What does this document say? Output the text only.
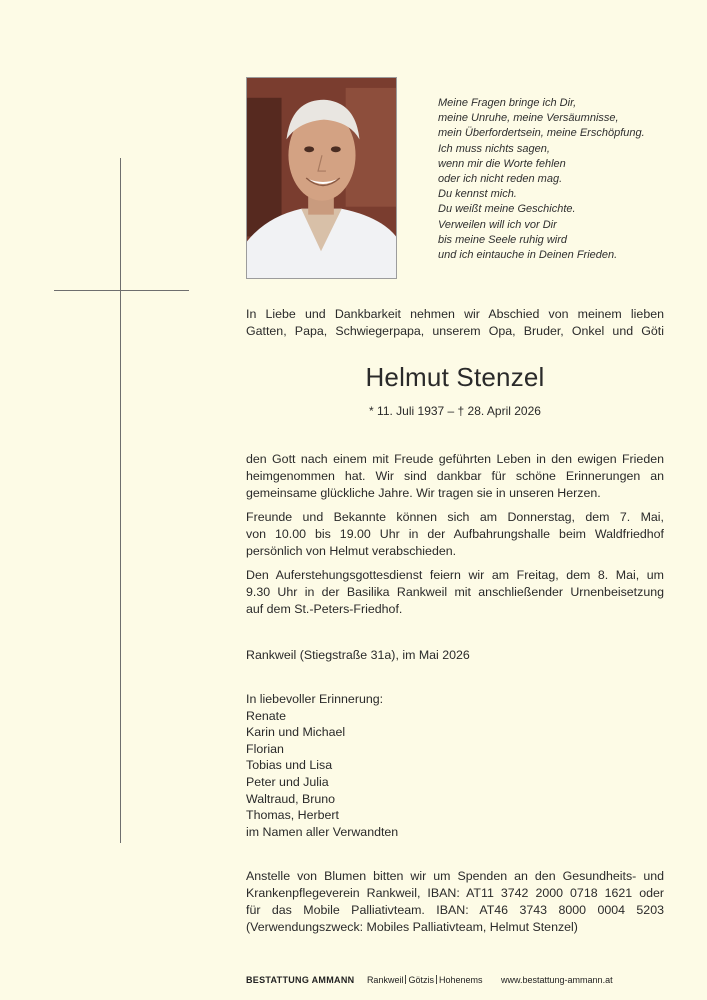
Meine Fragen bringe ich Dir,
meine Unruhe, meine Versäumnisse,
mein Überfordertsein, meine Erschöpfung.
Ich muss nichts sagen,
wenn mir die Worte fehlen
oder ich nicht reden mag.
Du kennst mich.
Du weißt meine Geschichte.
Verweilen will ich vor Dir
bis meine Seele ruhig wird
und ich eintauche in Deinen Frieden.
In Liebe und Dankbarkeit nehmen wir Abschied von meinem lieben
Gatten, Papa, Schwiegerpapa, unserem Opa, Bruder, Onkel und Göti
Helmut Stenzel
* 11. Juli 1937 – † 28. April 2026
den Gott nach einem mit Freude geführten Leben in den ewigen Frieden
heimgenommen hat. Wir sind dankbar für schöne Erinnerungen an
gemeinsame glückliche Jahre. Wir tragen sie in unseren Herzen.
Freunde und Bekannte können sich am Donnerstag, dem 7. Mai,
von 10.00 bis 19.00 Uhr in der Aufbahrungshalle beim Waldfriedhof
persönlich von Helmut verabschieden.
Den Auferstehungsgottesdienst feiern wir am Freitag, dem 8. Mai, um
9.30 Uhr in der Basilika Rankweil mit anschließender Urnenbeisetzung
auf dem St.-Peters-Friedhof.
Rankweil (Stiegstraße 31a), im Mai 2026
In liebevoller Erinnerung:
Renate
Karin und Michael
Florian
Tobias und Lisa
Peter und Julia
Waltraud, Bruno
Thomas, Herbert
im Namen aller Verwandten
Anstelle von Blumen bitten wir um Spenden an den Gesundheits- und
Krankenpflegeverein Rankweil, IBAN: AT11 3742 2000 0718 1621 oder
für das Mobile Palliativteam. IBAN: AT46 3743 8000 0004 5203
(Verwendungszweck: Mobiles Palliativteam, Helmut Stenzel)
BESTATTUNG AMMANN Rankweil Götzis Hohenems www.bestattung-ammann.at
